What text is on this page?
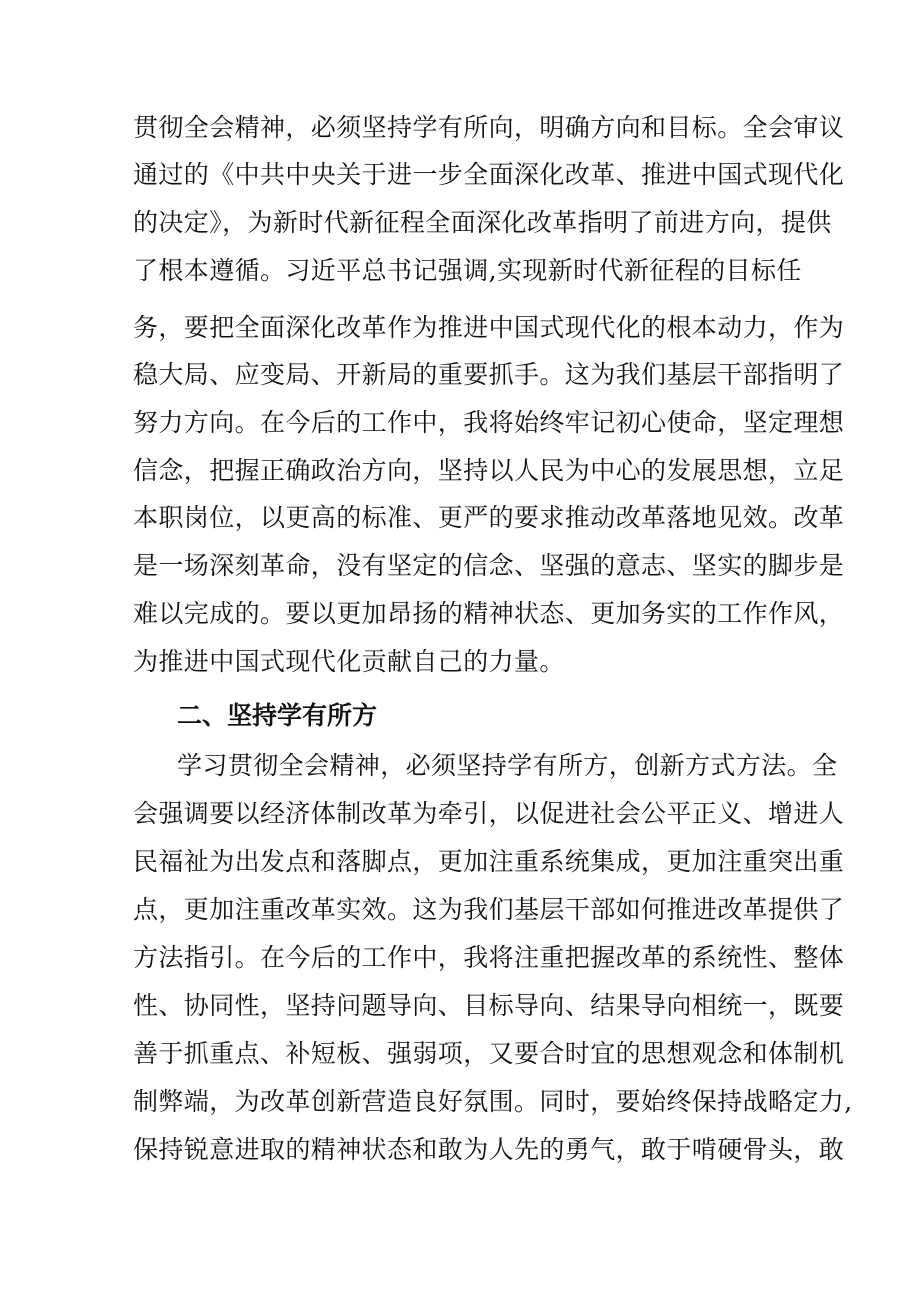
贯彻全会精神，必须坚持学有所向，明确方向和目标。全会审议
通过的《中共中央关于进一步全面深化改革、推进中国式现代化
的决定》，为新时代新征程全面深化改革指明了前进方向，提供
了根本遵循。习近平总书记强调,实现新时代新征程的目标任
务，要把全面深化改革作为推进中国式现代化的根本动力，作为
稳大局、应变局、开新局的重要抓手。这为我们基层干部指明了
努力方向。在今后的工作中，我将始终牢记初心使命，坚定理想
信念，把握正确政治方向，坚持以人民为中心的发展思想，立足
本职岗位，以更高的标准、更严的要求推动改革落地见效。改革
是一场深刻革命，没有坚定的信念、坚强的意志、坚实的脚步是
难以完成的。要以更加昂扬的精神状态、更加务实的工作作风，
为推进中国式现代化贡献自己的力量。
二、坚持学有所方
学习贯彻全会精神，必须坚持学有所方，创新方式方法。全
会强调要以经济体制改革为牵引，以促进社会公平正义、增进人
民福祉为出发点和落脚点，更加注重系统集成，更加注重突出重
点，更加注重改革实效。这为我们基层干部如何推进改革提供了
方法指引。在今后的工作中，我将注重把握改革的系统性、整体
性、协同性，坚持问题导向、目标导向、结果导向相统一，既要
善于抓重点、补短板、强弱项，又要合时宜的思想观念和体制机
制弊端，为改革创新营造良好氛围。同时，要始终保持战略定力,
保持锐意进取的精神状态和敢为人先的勇气，敢于啃硬骨头，敢
